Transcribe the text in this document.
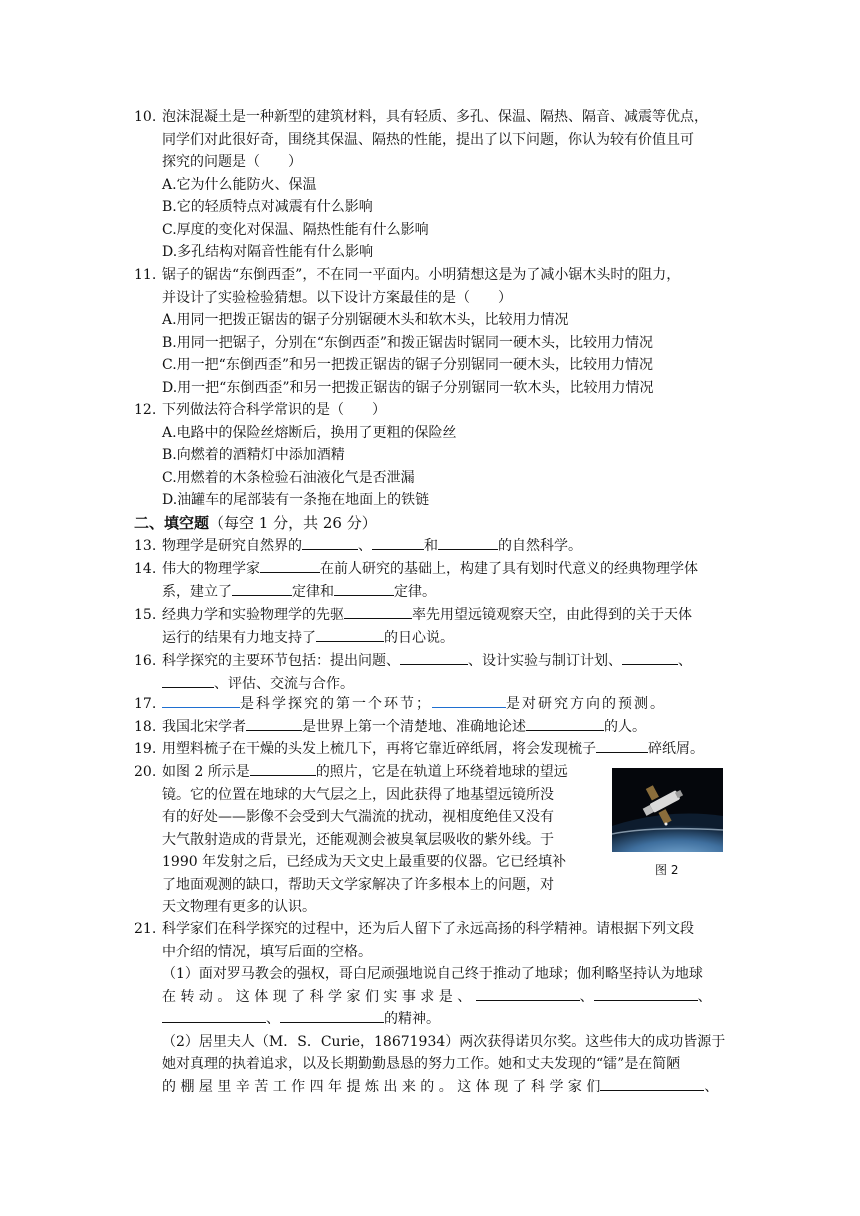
10. 泡沫混凝土是一种新型的建筑材料，具有轻质、多孔、保温、隔热、隔音、减震等优点，
同学们对此很好奇，围绕其保温、隔热的性能，提出了以下问题，你认为较有价值且可
探究的问题是（　　）
A.它为什么能防火、保温
B.它的轻质特点对减震有什么影响
C.厚度的变化对保温、隔热性能有什么影响
D.多孔结构对隔音性能有什么影响
11. 锯子的锯齿“东倒西歪”，不在同一平面内。小明猜想这是为了减小锯木头时的阻力，
并设计了实验检验猜想。以下设计方案最佳的是（　　）
A.用同一把拨正锯齿的锯子分别锯硬木头和软木头，比较用力情况
B.用同一把锯子，分别在“东倒西歪”和拨正锯齿时锯同一硬木头，比较用力情况
C.用一把“东倒西歪”和另一把拨正锯齿的锯子分别锯同一硬木头，比较用力情况
D.用一把“东倒西歪”和另一把拨正锯齿的锯子分别锯同一软木头，比较用力情况
12. 下列做法符合科学常识的是（　　）
A.电路中的保险丝熔断后，换用了更粗的保险丝
B.向燃着的酒精灯中添加酒精
C.用燃着的木条检验石油液化气是否泄漏
D.油罐车的尾部装有一条拖在地面上的铁链
二、填空题（每空 1 分，共 26 分）
13. 物理学是研究自然界的	、	和	的自然科学。
14. 伟大的物理学家	在前人研究的基础上，构建了具有划时代意义的经典物理学体
系，建立了	定律和	定律。
15. 经典力学和实验物理学的先驱	率先用望远镜观察天空，由此得到的关于天体
运行的结果有力地支持了	的日心说。
16. 科学探究的主要环节包括：提出问题、	、设计实验与制订计划、	、
、评估、交流与合作。
17.	是科学探究的第一个环节；	是对研究方向的预测。
18. 我国北宋学者	是世界上第一个清楚地、准确地论述	的人。
19. 用塑料梳子在干燥的头发上梳几下，再将它靠近碎纸屑，将会发现梳子	碎纸屑。
20. 如图 2 所示是	的照片，它是在轨道上环绕着地球的望远
镜。它的位置在地球的大气层之上，因此获得了地基望远镜所没
有的好处——影像不会受到大气湍流的扰动，视相度绝佳又没有
大气散射造成的背景光，还能观测会被臭氧层吸收的紫外线。于
1990 年发射之后，已经成为天文史上最重要的仪器。它已经填补
了地面观测的缺口，帮助天文学家解决了许多根本上的问题，对
天文物理有更多的认识。
图 2
21. 科学家们在科学探究的过程中，还为后人留下了永远高扬的科学精神。请根据下列文段
中介绍的情况，填写后面的空格。
（1）面对罗马教会的强权，哥白尼顽强地说自己终于推动了地球；伽利略坚持认为地球
在 转 动 。 这 体 现 了 科 学 家 们 实 事 求 是 、	、	、
、	的精神。
（2）居里夫人（M．S．Curie，18671934）两次获得诺贝尔奖。这些伟大的成功皆源于
她对真理的执着追求，以及长期勤勤恳恳的努力工作。她和丈夫发现的“镭”是在简陋
的 棚 屋 里 辛 苦 工 作 四 年 提 炼 出 来 的 。 这 体 现 了 科 学 家 们	、
